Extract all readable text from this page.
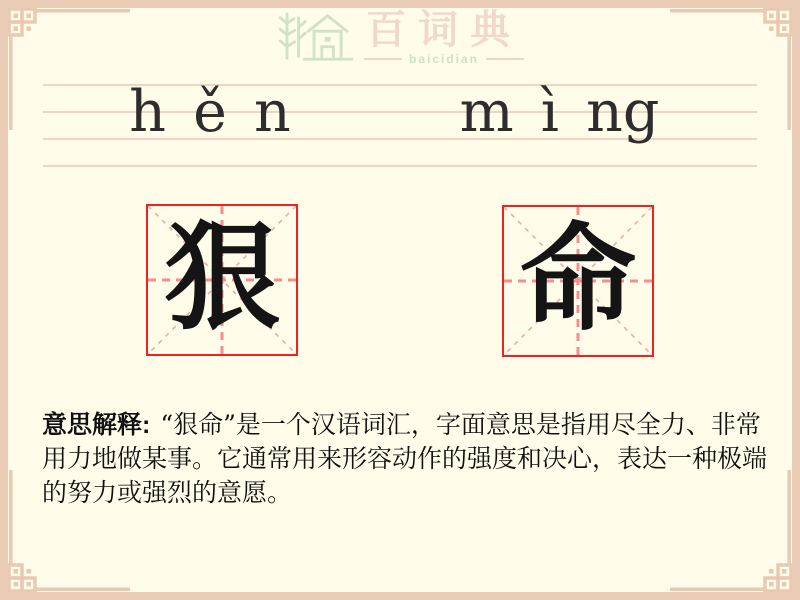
百词典
baicidian
h ě n	m ì ng
狠 命
意思解释: “狠命”是一个汉语词汇，字面意思是指用尽全力、非常
用力地做某事。它通常用来形容动作的强度和决心，表达一种极端
的努力或强烈的意愿。
